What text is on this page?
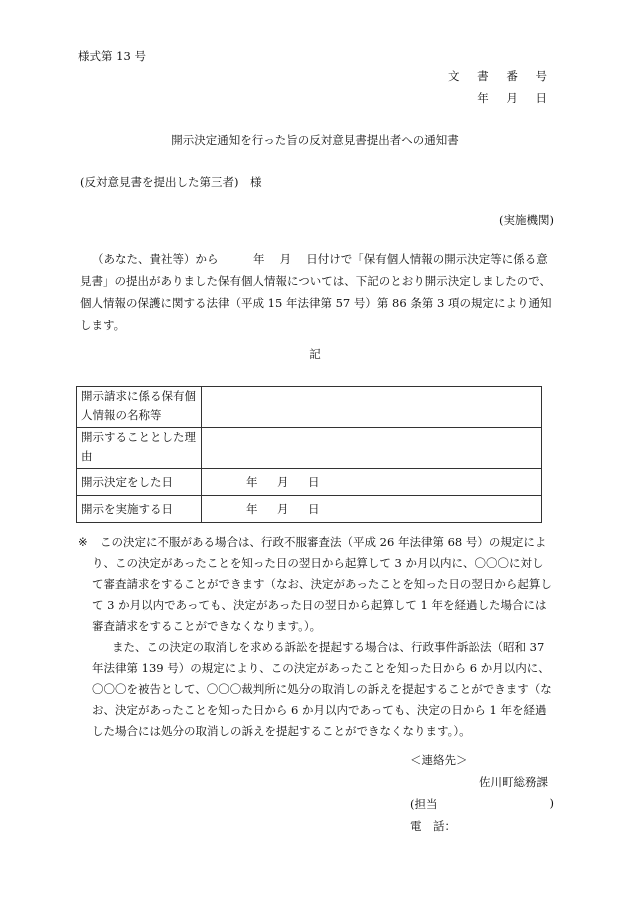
様式第 13 号
文 書 番 号
年 月 日
開示決定通知を行った旨の反対意見書提出者への通知書
(反対意見書を提出した第三者)　様
(実施機関)
（あなた、貴社等）から　　　年　 月　 日付けで「保有個人情報の開示決定等に係る意見書」の提出がありました保有個人情報については、下記のとおり開示決定しましたので、個人情報の保護に関する法律（平成 15 年法律第 57 号）第 86 条第 3 項の規定により通知します。
記
開示請求に係る保有個人情報の名称等	
開示することとした理由	
開示決定をした日	年　月　日
開示を実施する日	年　月　日
※	この決定に不服がある場合は、行政不服審査法（平成 26 年法律第 68 号）の規定により、この決定があったことを知った日の翌日から起算して 3 か月以内に、〇〇〇に対して審査請求をすることができます（なお、決定があったことを知った日の翌日から起算して 3 か月以内であっても、決定があった日の翌日から起算して 1 年を経過した場合には審査請求をすることができなくなります。）。

また、この決定の取消しを求める訴訟を提起する場合は、行政事件訴訟法（昭和 37 年法律第 139 号）の規定により、この決定があったことを知った日から 6 か月以内に、〇〇〇を被告として、〇〇〇裁判所に処分の取消しの訴えを提起することができます（なお、決定があったことを知った日から 6 か月以内であっても、決定の日から 1 年を経過した場合には処分の取消しの訴えを提起することができなくなります。）。

＜連絡先＞
佐川町総務課
(担当	)
電　話：
